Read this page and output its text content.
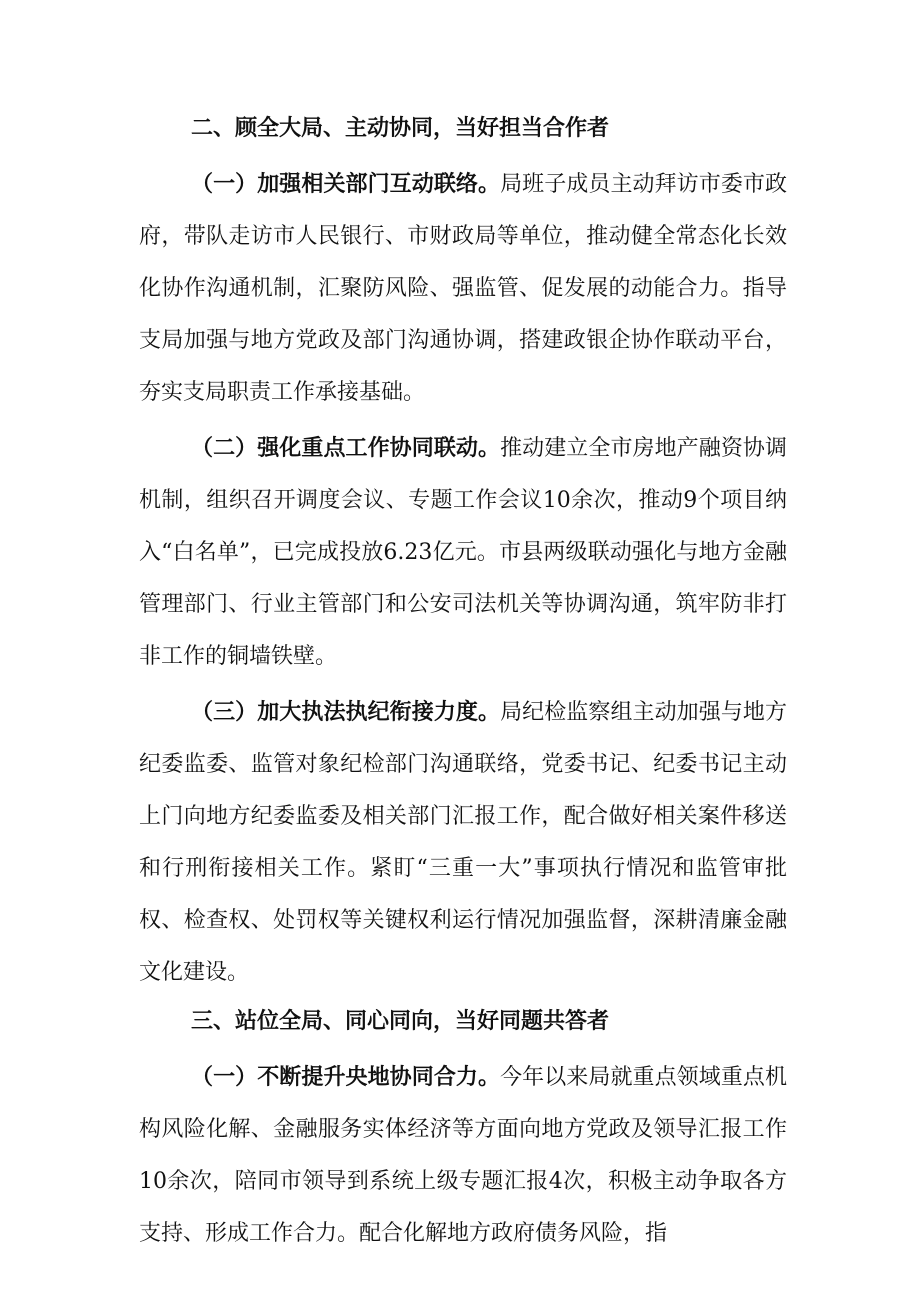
二、顾全大局、主动协同，当好担当合作者

（一）加强相关部门互动联络。局班子成员主动拜访市委市政府，带队走访市人民银行、市财政局等单位，推动健全常态化长效化协作沟通机制，汇聚防风险、强监管、促发展的动能合力。指导支局加强与地方党政及部门沟通协调，搭建政银企协作联动平台，夯实支局职责工作承接基础。

（二）强化重点工作协同联动。推动建立全市房地产融资协调机制，组织召开调度会议、专题工作会议10余次，推动9个项目纳入“白名单”，已完成投放6.23亿元。市县两级联动强化与地方金融管理部门、行业主管部门和公安司法机关等协调沟通，筑牢防非打非工作的铜墙铁壁。

（三）加大执法执纪衔接力度。局纪检监察组主动加强与地方纪委监委、监管对象纪检部门沟通联络，党委书记、纪委书记主动上门向地方纪委监委及相关部门汇报工作，配合做好相关案件移送和行刑衔接相关工作。紧盯“三重一大”事项执行情况和监管审批权、检查权、处罚权等关键权利运行情况加强监督，深耕清廉金融文化建设。

三、站位全局、同心同向，当好同题共答者

（一）不断提升央地协同合力。今年以来局就重点领域重点机构风险化解、金融服务实体经济等方面向地方党政及领导汇报工作10余次，陪同市领导到系统上级专题汇报4次，积极主动争取各方支持、形成工作合力。配合化解地方政府债务风险，指
